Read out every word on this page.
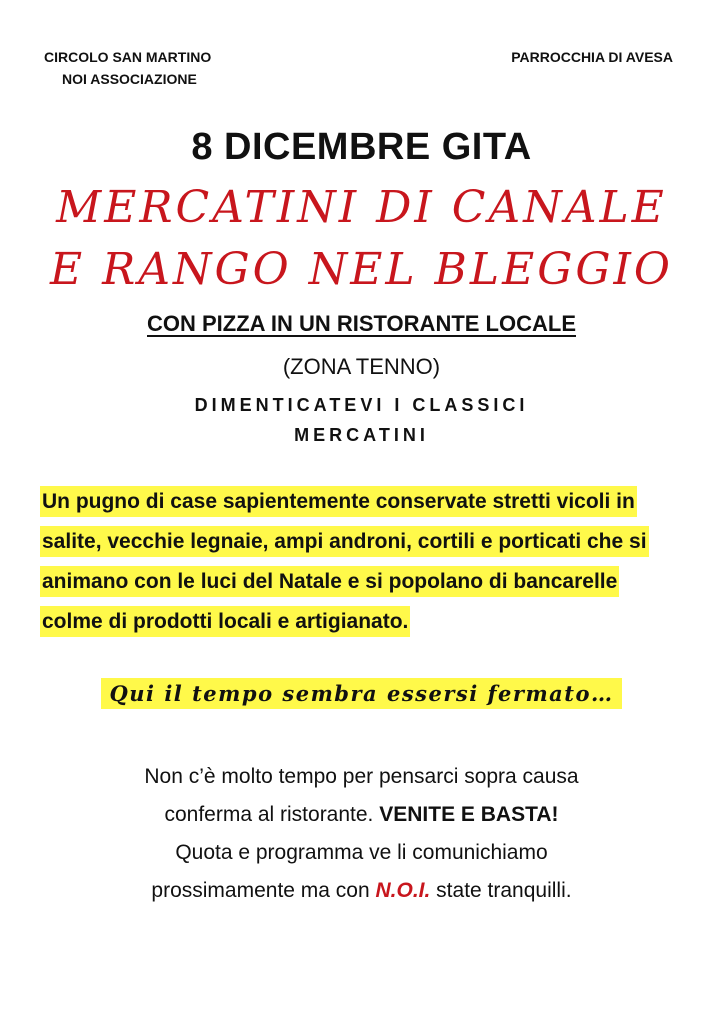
CIRCOLO SAN MARTINO
NOI ASSOCIAZIONE
PARROCCHIA DI AVESA
8 DICEMBRE GITA
MERCATINI DI CANALE
E RANGO NEL BLEGGIO
CON PIZZA IN UN RISTORANTE LOCALE
(ZONA TENNO)
DIMENTICATEVI I CLASSICI
MERCATINI
Un pugno di case sapientemente conservate stretti vicoli in salite, vecchie legnaie, ampi androni, cortili e porticati che si animano con le luci del Natale e si popolano di bancarelle colme di prodotti locali e artigianato.
Qui il tempo sembra essersi fermato…

Non c’è molto tempo per pensarci sopra causa

conferma al ristorante. VENITE E BASTA!

Quota e programma ve li comunichiamo

prossimamente ma con N.O.I. state tranquilli.
